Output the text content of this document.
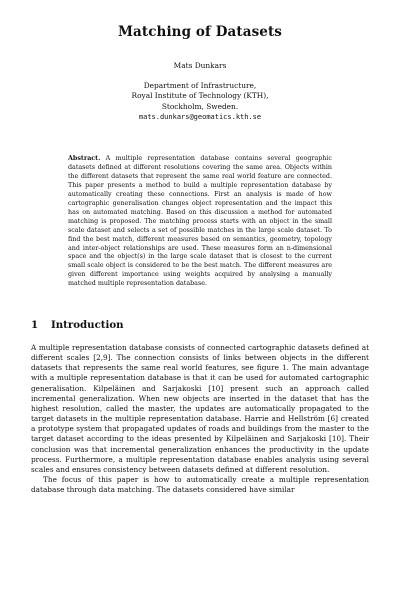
Matching of Datasets
Mats Dunkars
Department of Infrastructure,
Royal Institute of Technology (KTH),
Stockholm, Sweden.
mats.dunkars@geomatics.kth.se
Abstract. A multiple representation database contains several geographic datasets defined at different resolutions covering the same area. Objects within the different datasets that represent the same real world feature are connected. This paper presents a method to build a multiple representation database by automatically creating these connections. First an analysis is made of how cartographic generalisation changes object representation and the impact this has on automated matching. Based on this discussion a method for automated matching is proposed. The matching process starts with an object in the small scale dataset and selects a set of possible matches in the large scale dataset. To find the best match, different measures based on semantics, geometry, topology and inter-object relationships are used. These measures form an n-dimensional space and the object(s) in the large scale dataset that is closest to the current small scale object is considered to be the best match. The different measures are given different importance using weights acquired by analysing a manually matched multiple representation database.
1 Introduction

A multiple representation database consists of connected cartographic datasets defined at different scales [2,9]. The connection consists of links between objects in the different datasets that represents the same real world features, see figure 1. The main advantage with a multiple representation database is that it can be used for automated cartographic generalisation. Kilpeläinen and Sarjakoski [10] present such an approach called incremental generalization. When new objects are inserted in the dataset that has the highest resolution, called the master, the updates are automatically propagated to the target datasets in the multiple representation database. Harrie and Hellström [6] created a prototype system that propagated updates of roads and buildings from the master to the target dataset according to the ideas presented by Kilpeläinen and Sarjakoski [10]. Their conclusion was that incremental generalization enhances the productivity in the update process. Furthermore, a multiple representation database enables analysis using several scales and ensures consistency between datasets defined at different resolution.

The focus of this paper is how to automatically create a multiple representation database through data matching. The datasets considered have similar
